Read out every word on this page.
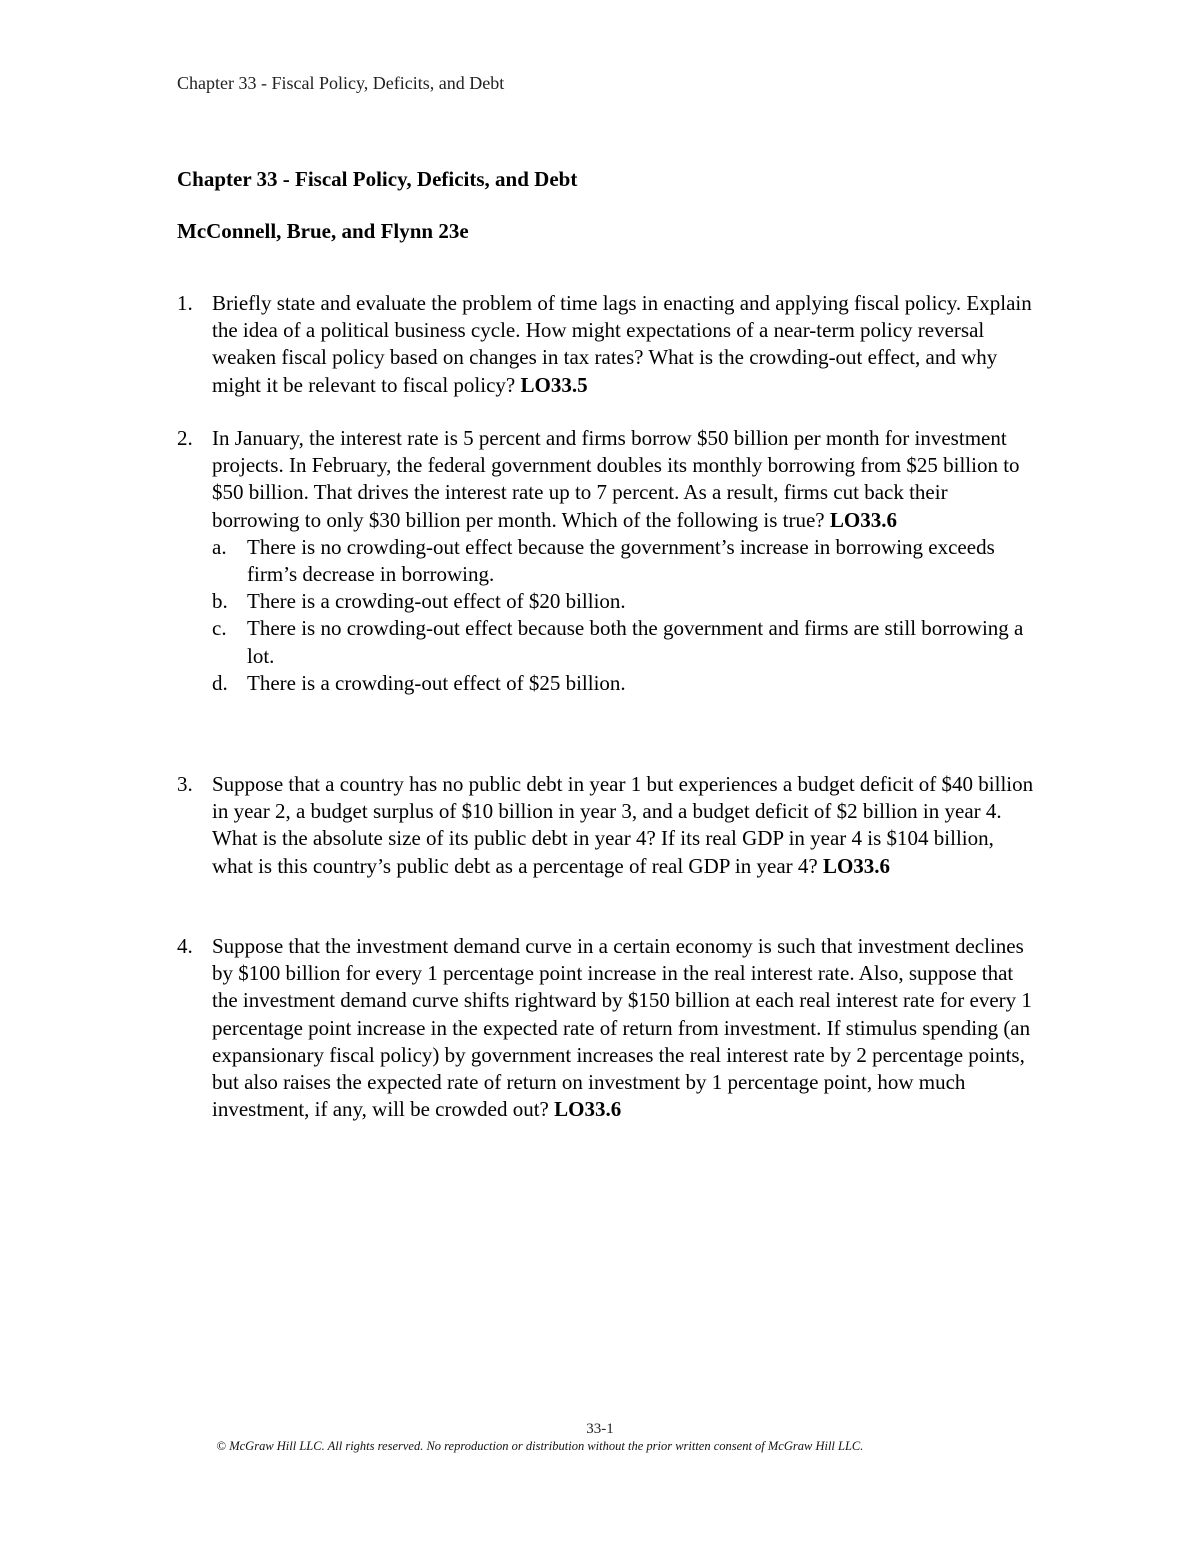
Chapter 33 - Fiscal Policy, Deficits, and Debt
Chapter 33 - Fiscal Policy, Deficits, and Debt
McConnell, Brue, and Flynn 23e
1. Briefly state and evaluate the problem of time lags in enacting and applying fiscal policy. Explain the idea of a political business cycle. How might expectations of a near-term policy reversal weaken fiscal policy based on changes in tax rates? What is the crowding-out effect, and why might it be relevant to fiscal policy? LO33.5
2. In January, the interest rate is 5 percent and firms borrow $50 billion per month for investment projects. In February, the federal government doubles its monthly borrowing from $25 billion to $50 billion. That drives the interest rate up to 7 percent. As a result, firms cut back their borrowing to only $30 billion per month. Which of the following is true? LO33.6
a. There is no crowding-out effect because the government’s increase in borrowing exceeds firm’s decrease in borrowing.
b. There is a crowding-out effect of $20 billion.
c. There is no crowding-out effect because both the government and firms are still borrowing a lot.
d. There is a crowding-out effect of $25 billion.
3. Suppose that a country has no public debt in year 1 but experiences a budget deficit of $40 billion in year 2, a budget surplus of $10 billion in year 3, and a budget deficit of $2 billion in year 4. What is the absolute size of its public debt in year 4? If its real GDP in year 4 is $104 billion, what is this country’s public debt as a percentage of real GDP in year 4? LO33.6
4. Suppose that the investment demand curve in a certain economy is such that investment declines by $100 billion for every 1 percentage point increase in the real interest rate. Also, suppose that the investment demand curve shifts rightward by $150 billion at each real interest rate for every 1 percentage point increase in the expected rate of return from investment. If stimulus spending (an expansionary fiscal policy) by government increases the real interest rate by 2 percentage points, but also raises the expected rate of return on investment by 1 percentage point, how much investment, if any, will be crowded out? LO33.6
33-1
© McGraw Hill LLC. All rights reserved. No reproduction or distribution without the prior written consent of McGraw Hill LLC.
